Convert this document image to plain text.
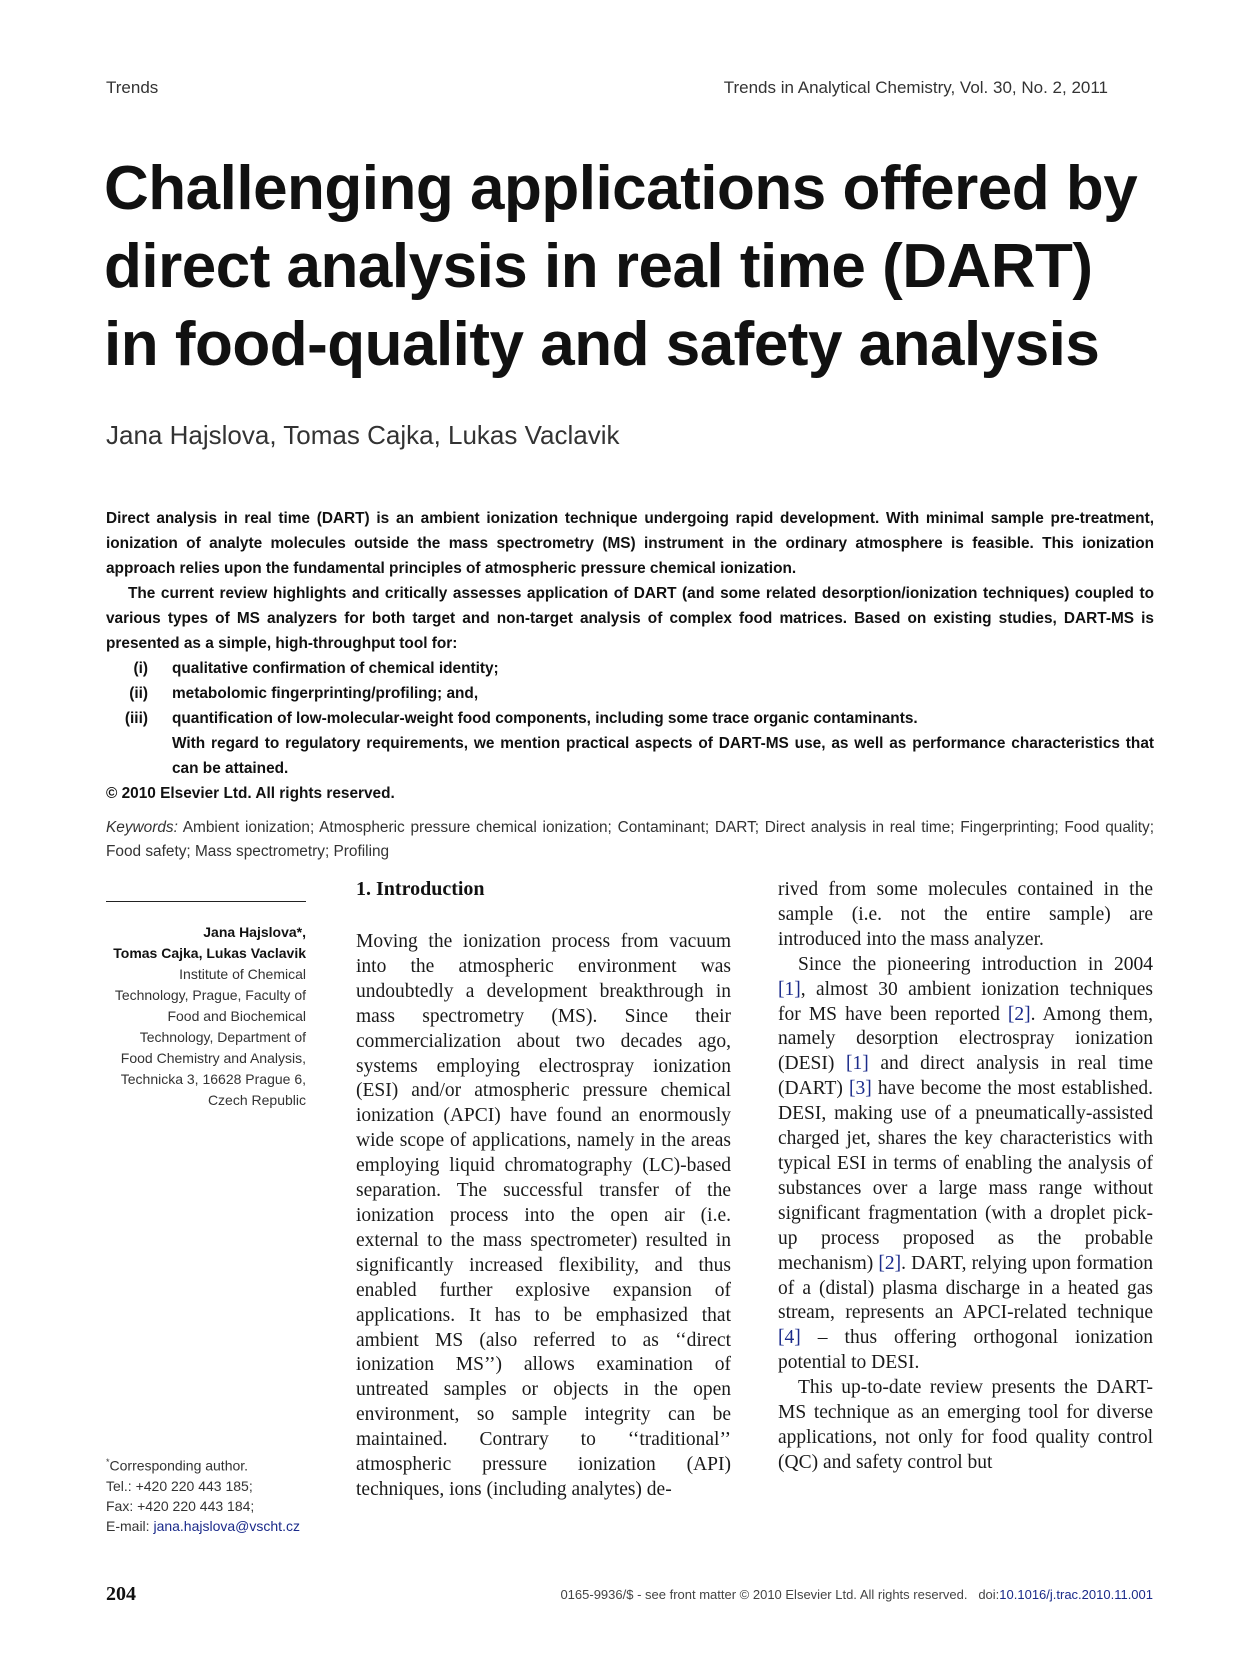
Trends	Trends in Analytical Chemistry, Vol. 30, No. 2, 2011
Challenging applications offered by
direct analysis in real time (DART)
in food-quality and safety analysis
Jana Hajslova, Tomas Cajka, Lukas Vaclavik

Direct analysis in real time (DART) is an ambient ionization technique undergoing rapid development. With minimal sample pre-treatment, ionization of analyte molecules outside the mass spectrometry (MS) instrument in the ordinary atmosphere is feasible. This ionization approach relies upon the fundamental principles of atmospheric pressure chemical ionization.

The current review highlights and critically assesses application of DART (and some related desorption/ionization techniques) coupled to various types of MS analyzers for both target and non-target analysis of complex food matrices. Based on existing studies, DART-MS is presented as a simple, high-throughput tool for:

(i) qualitative confirmation of chemical identity;
(ii) metabolomic fingerprinting/profiling; and,
(iii) quantification of low-molecular-weight food components, including some trace organic contaminants.

With regard to regulatory requirements, we mention practical aspects of DART-MS use, as well as performance characteristics that can be attained.

© 2010 Elsevier Ltd. All rights reserved.

Keywords: Ambient ionization; Atmospheric pressure chemical ionization; Contaminant; DART; Direct analysis in real time; Fingerprinting; Food quality; Food safety; Mass spectrometry; Profiling
Jana Hajslova*,
Tomas Cajka, Lukas Vaclavik
Institute of Chemical
Technology, Prague, Faculty of
Food and Biochemical
Technology, Department of
Food Chemistry and Analysis,
Technicka 3, 16628 Prague 6,
Czech Republic
*Corresponding author.
Tel.: +420 220 443 185;
Fax: +420 220 443 184;
E-mail: jana.hajslova@vscht.cz
1. Introduction

Moving the ionization process from vacuum into the atmospheric environment was undoubtedly a development breakthrough in mass spectrometry (MS). Since their commercialization about two decades ago, systems employing electrospray ionization (ESI) and/or atmospheric pressure chemical ionization (APCI) have found an enormously wide scope of applications, namely in the areas employing liquid chromatography (LC)-based separation. The successful transfer of the ionization process into the open air (i.e. external to the mass spectrometer) resulted in significantly increased flexibility, and thus enabled further explosive expansion of applications. It has to be emphasized that ambient MS (also referred to as ‘‘direct ionization MS’’) allows examination of untreated samples or objects in the open environment, so sample integrity can be maintained. Contrary to ‘‘traditional’’ atmospheric pressure ionization (API) techniques, ions (including analytes) de-

rived from some molecules contained in the sample (i.e. not the entire sample) are introduced into the mass analyzer.

Since the pioneering introduction in 2004 [1], almost 30 ambient ionization techniques for MS have been reported [2]. Among them, namely desorption electrospray ionization (DESI) [1] and direct analysis in real time (DART) [3] have become the most established. DESI, making use of a pneumatically-assisted charged jet, shares the key characteristics with typical ESI in terms of enabling the analysis of substances over a large mass range without significant fragmentation (with a droplet pick-up process proposed as the probable mechanism) [2]. DART, relying upon formation of a (distal) plasma discharge in a heated gas stream, represents an APCI-related technique [4] – thus offering orthogonal ionization potential to DESI.

This up-to-date review presents the DART-MS technique as an emerging tool for diverse applications, not only for food quality control (QC) and safety control but

204	0165-9936/$ - see front matter © 2010 Elsevier Ltd. All rights reserved. doi:10.1016/j.trac.2010.11.001
